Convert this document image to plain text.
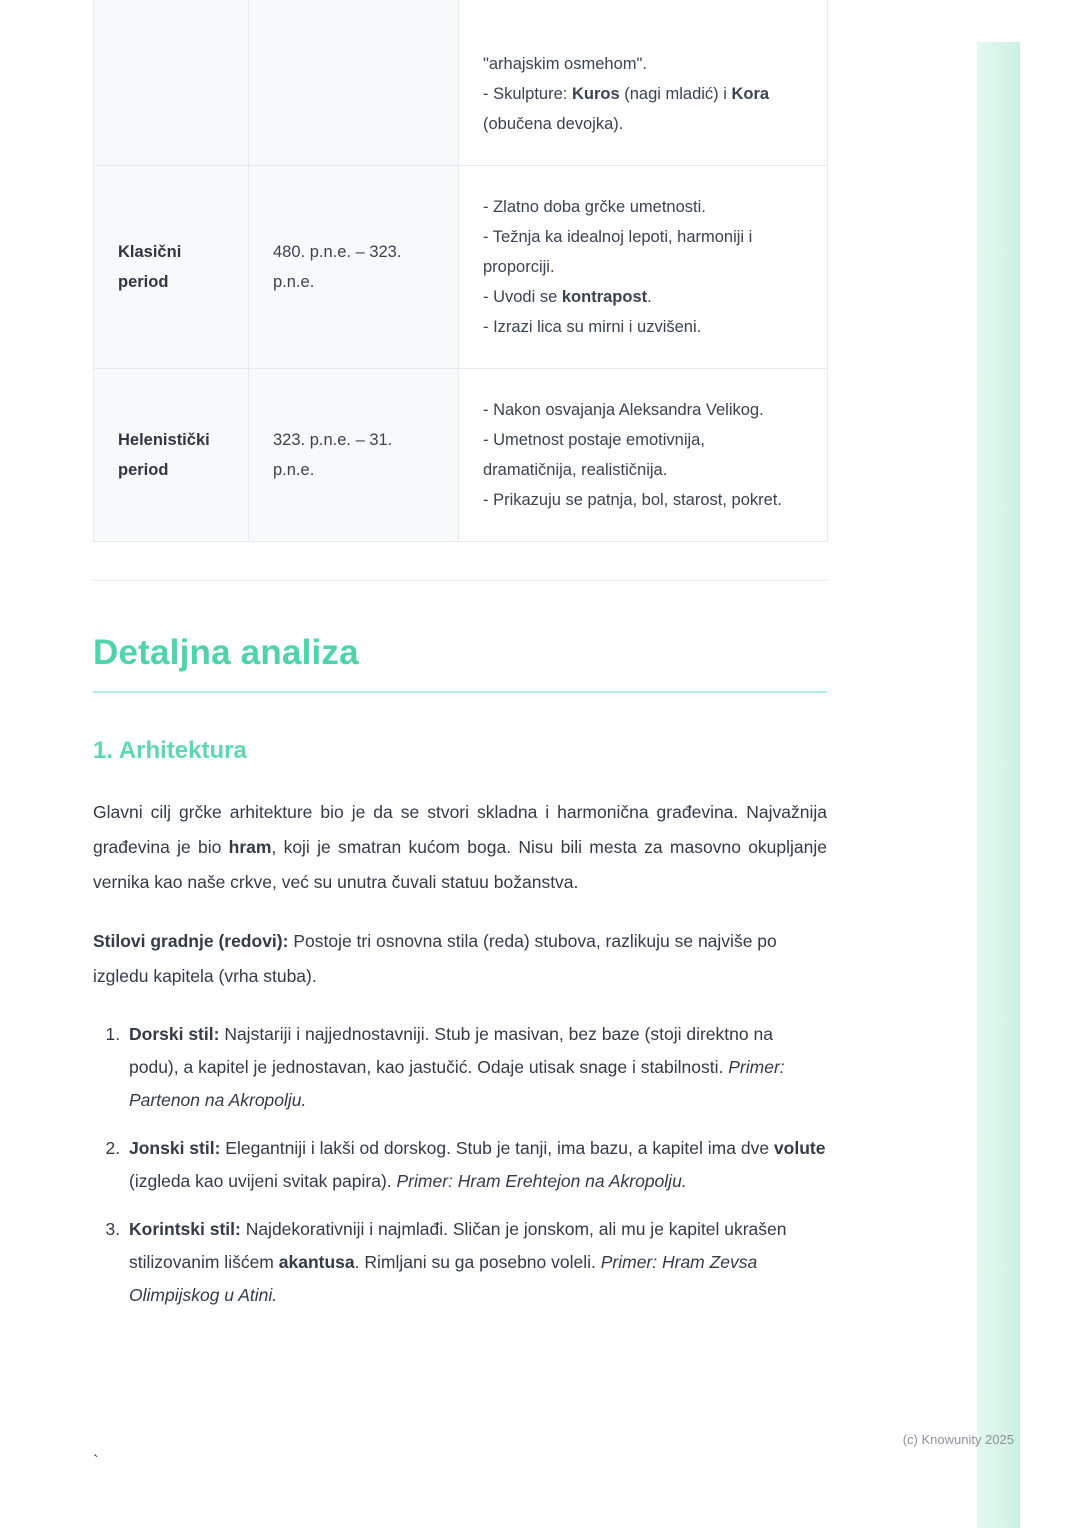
		"arhajskim osmehom".
- Skulpture: Kuros (nagi mladić) i Kora (obučena devojka).

Klasični period	480. p.n.e. – 323. p.n.e.	- Zlatno doba grčke umetnosti.
- Težnja ka idealnoj lepoti, harmoniji i proporciji.
- Uvodi se kontrapost.
- Izrazi lica su mirni i uzvišeni.

Helenistički period	323. p.n.e. – 31. p.n.e.	- Nakon osvajanja Aleksandra Velikog.
- Umetnost postaje emotivnija, dramatičnija, realističnija.
- Prikazuju se patnja, bol, starost, pokret.
Detaljna analiza
1. Arhitektura

Glavni cilj grčke arhitekture bio je da se stvori skladna i harmonična građevina. Najvažnija građevina je bio hram, koji je smatran kućom boga. Nisu bili mesta za masovno okupljanje vernika kao naše crkve, već su unutra čuvali statuu božanstva.

Stilovi gradnje (redovi): Postoje tri osnovna stila (reda) stubova, razlikuju se najviše po izgledu kapitela (vrha stuba).

1. Dorski stil: Najstariji i najjednostavniji. Stub je masivan, bez baze (stoji direktno na podu), a kapitel je jednostavan, kao jastučić. Odaje utisak snage i stabilnosti. Primer: Partenon na Akropolju.
2. Jonski stil: Elegantniji i lakši od dorskog. Stub je tanji, ima bazu, a kapitel ima dve volute (izgleda kao uvijeni svitak papira). Primer: Hram Erehtejon na Akropolju.
3. Korintski stil: Najdekorativniji i najmlađi. Sličan je jonskom, ali mu je kapitel ukrašen stilizovanim lišćem akantusa. Rimljani su ga posebno voleli. Primer: Hram Zevsa Olimpijskog u Atini.
`
(c) Knowunity 2025
